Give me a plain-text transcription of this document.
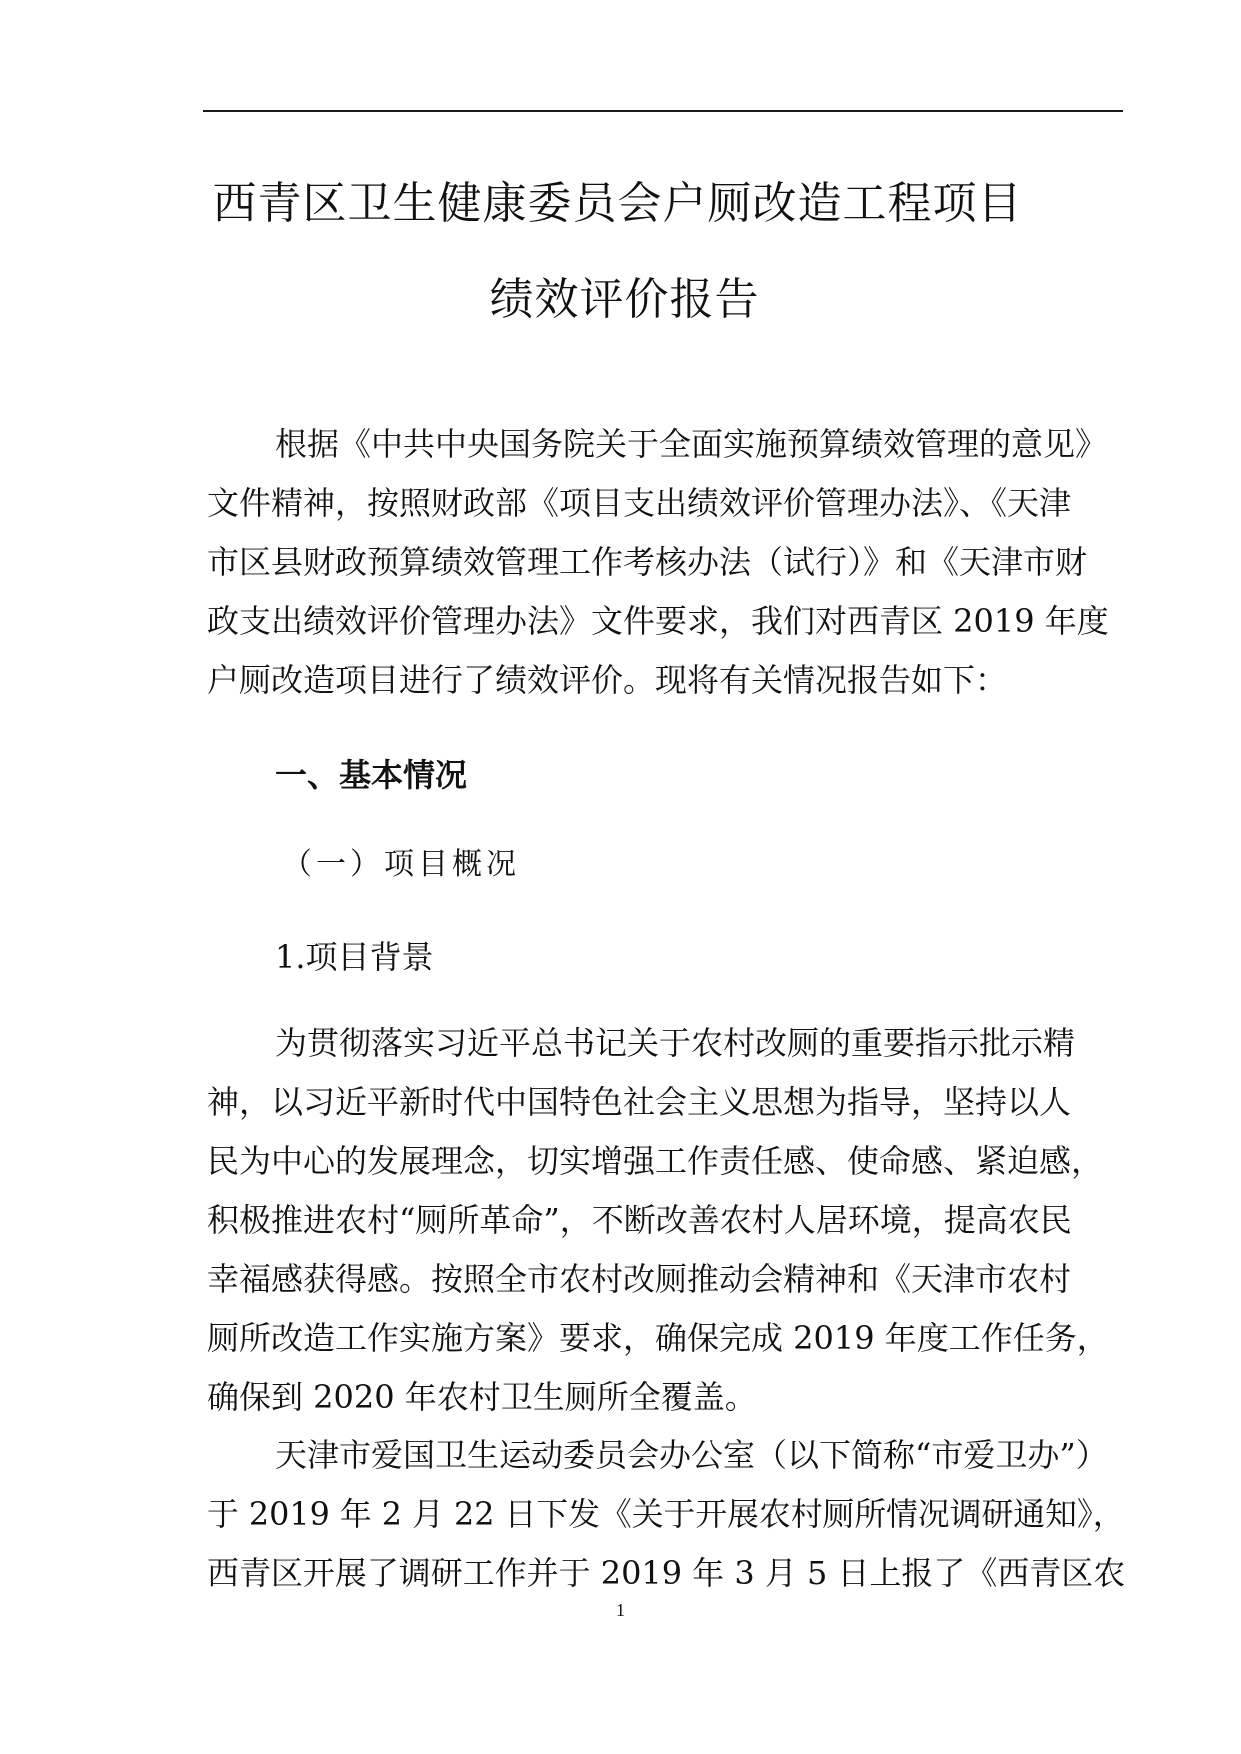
西青区卫生健康委员会户厕改造工程项目
绩效评价报告
根据《中共中央国务院关于全面实施预算绩效管理的意见》
文件精神，按照财政部《项目支出绩效评价管理办法》、《天津
市区县财政预算绩效管理工作考核办法（试行）》和《天津市财
政支出绩效评价管理办法》文件要求，我们对西青区 2019 年度
户厕改造项目进行了绩效评价。现将有关情况报告如下：
一、基本情况
（一）项目概况
1.项目背景
为贯彻落实习近平总书记关于农村改厕的重要指示批示精
神，以习近平新时代中国特色社会主义思想为指导，坚持以人
民为中心的发展理念，切实增强工作责任感、使命感、紧迫感，
积极推进农村“厕所革命”，不断改善农村人居环境，提高农民
幸福感获得感。按照全市农村改厕推动会精神和《天津市农村
厕所改造工作实施方案》要求，确保完成 2019 年度工作任务，
确保到 2020 年农村卫生厕所全覆盖。
天津市爱国卫生运动委员会办公室（以下简称“市爱卫办”）
于 2019 年 2 月 22 日下发《关于开展农村厕所情况调研通知》，
西青区开展了调研工作并于 2019 年 3 月 5 日上报了《西青区农
1
